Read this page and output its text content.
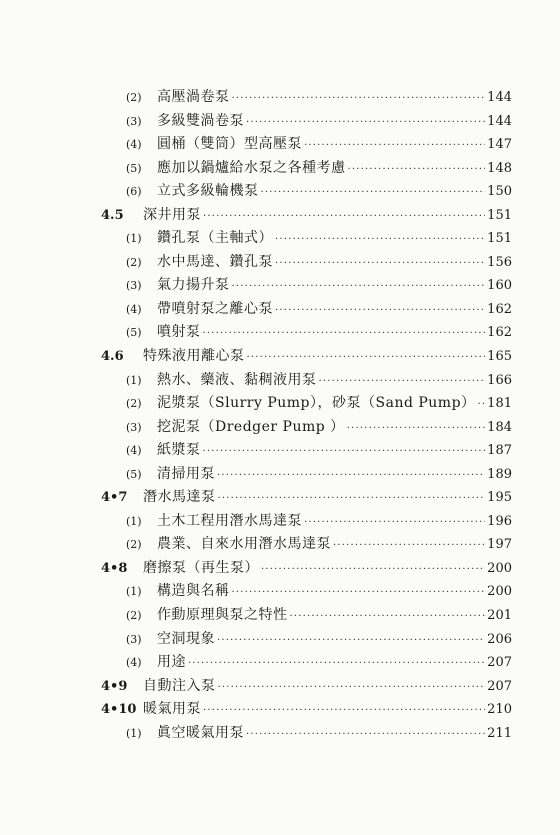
(2)	高壓渦卷泵 ·····	144
(3)	多級雙渦卷泵 ·····	144
(4)	圓桶（雙筒）型高壓泵 ·····	147
(5)	應加以鍋爐給水泵之各種考慮 ·····	148
(6)	立式多級輪機泵 ·····	150
4.5	深井用泵 ·····	151
(1)	鑽孔泵（主軸式） ·····	151
(2)	水中馬達、鑽孔泵 ·····	156
(3)	氣力揚升泵 ·····	160
(4)	帶噴射泵之離心泵 ·····	162
(5)	噴射泵 ·····	162
4.6	特殊液用離心泵 ·····	165
(1)	熱水、藥液、黏稠液用泵 ·····	166
(2)	泥漿泵（Slurry Pump），砂泵（Sand Pump） ····· 181
(3)	挖泥泵（Dredger Pump ） ·····	184
(4)	紙漿泵 ·····	187
(5)	清掃用泵 ·····	189
4•7	潛水馬達泵 ·····	195
(1)	土木工程用潛水馬達泵 ·····	196
(2)	農業、自來水用潛水馬達泵 ·····	197
4•8	磨擦泵（再生泵） ·····	200
(1)	構造與名稱 ·····	200
(2)	作動原理與泵之特性 ·····	201
(3)	空洞現象 ·····	206
(4)	用途 ·····	207
4•9	自動注入泵 ·····	207
4•10 暖氣用泵 ·····	210
(1)	眞空暖氣用泵 ·····	211
